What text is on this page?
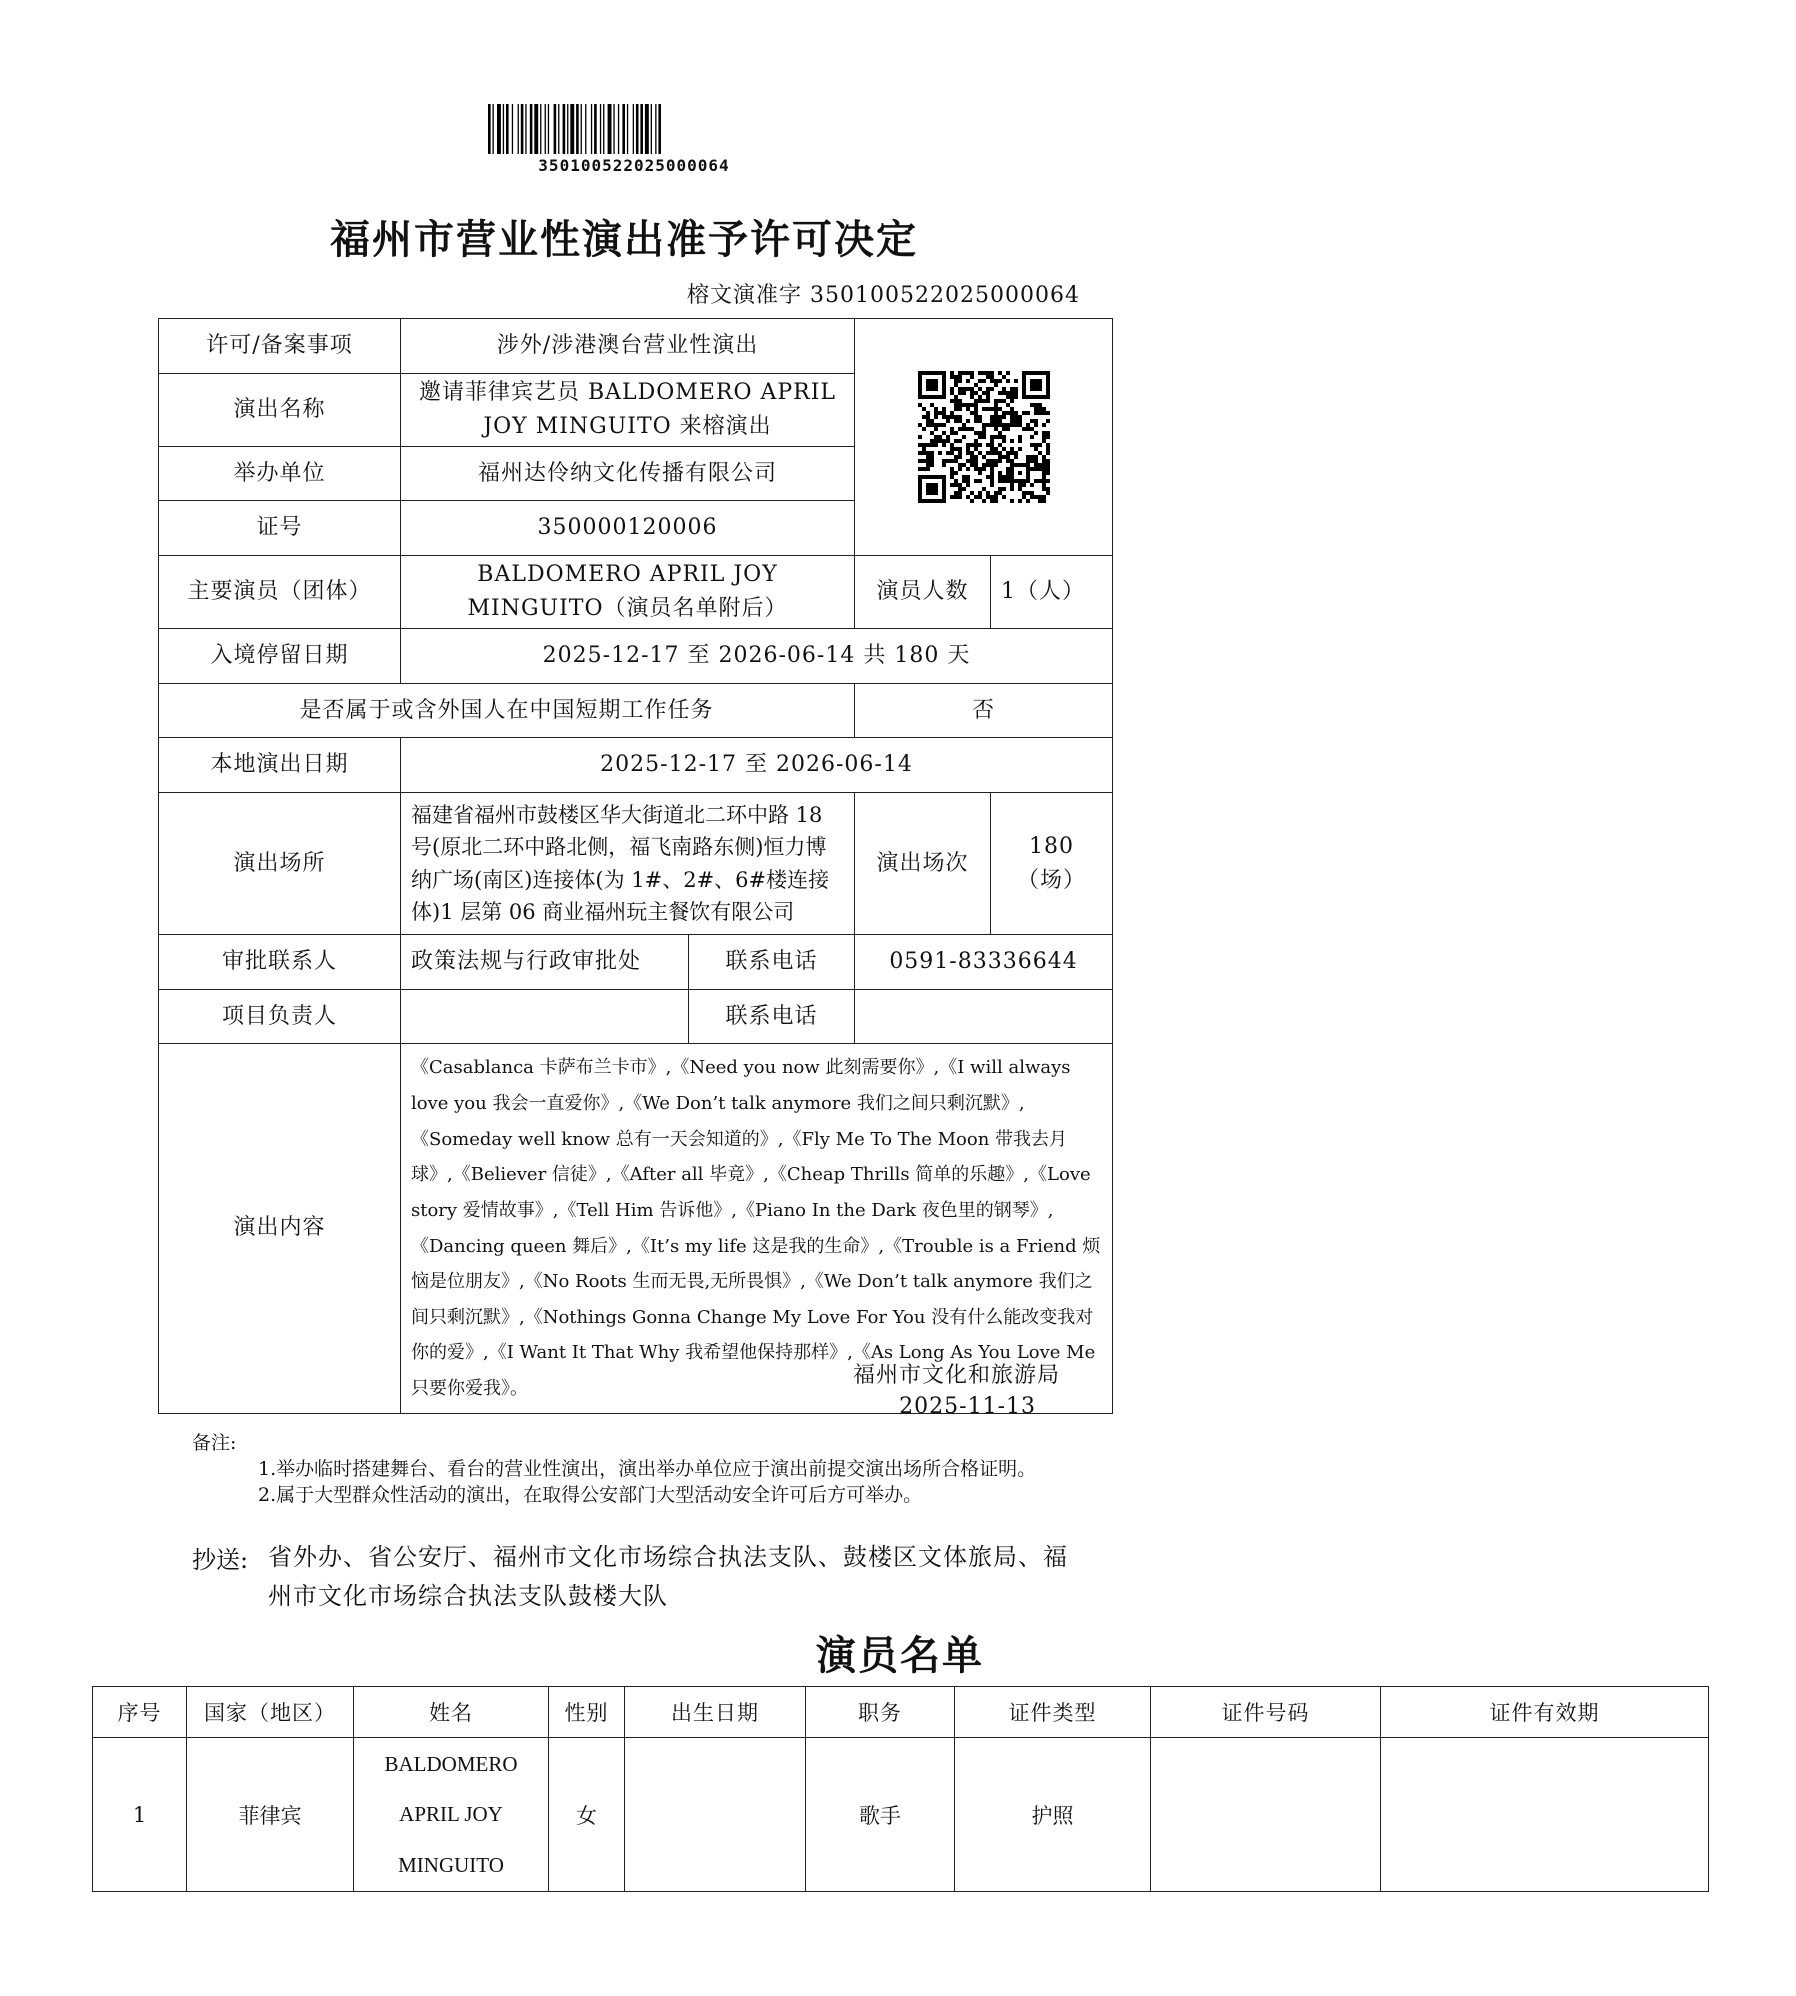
350100522025000064
福州市营业性演出准予许可决定
榕文演准字 350100522025000064
许可/备案事项	涉外/涉港澳台营业性演出	

演出名称	邀请菲律宾艺员 BALDOMERO APRIL JOY MINGUITO 来榕演出			
举办单位	福州达伶纳文化传播有限公司			
证号	350000120006			
主要演员（团体）	BALDOMERO APRIL JOY MINGUITO（演员名单附后）		演员人数	1（人）
入境停留日期	2025-12-17 至 2026-06-14 共 180 天			
是否属于或含外国人在中国短期工作任务			否	
本地演出日期	2025-12-17 至 2026-06-14			
演出场所	福建省福州市鼓楼区华大街道北二环中路 18 号(原北二环中路北侧，福飞南路东侧)恒力博纳广场(南区)连接体(为 1#、2#、6#楼连接体)1 层第 06 商业福州玩主餐饮有限公司		演出场次	180（场）
审批联系人	政策法规与行政审批处	联系电话	0591-83336644	
项目负责人		联系电话		
演出内容	《Casablanca 卡萨布兰卡市》,《Need you now 此刻需要你》,《I will always love you 我会一直爱你》,《We Don’t talk anymore 我们之间只剩沉默》,《Someday well know 总有一天会知道的》,《Fly Me To The Moon 带我去月球》,《Believer 信徒》,《After all 毕竟》,《Cheap Thrills 简单的乐趣》,《Love story 爱情故事》,《Tell Him 告诉他》,《Piano In the Dark 夜色里的钢琴》,《Dancing queen 舞后》,《It’s my life 这是我的生命》,《Trouble is a Friend 烦恼是位朋友》,《No Roots 生而无畏,无所畏惧》,《We Don’t talk anymore 我们之间只剩沉默》,《Nothings Gonna Change My Love For You 没有什么能改变我对你的爱》,《I Want It That Why 我希望他保持那样》,《As Long As You Love Me 只要你爱我》。			
福州市文化和旅游局
2025-11-13
备注:
1.举办临时搭建舞台、看台的营业性演出，演出举办单位应于演出前提交演出场所合格证明。
2.属于大型群众性活动的演出，在取得公安部门大型活动安全许可后方可举办。
抄送: 省外办、省公安厅、福州市文化市场综合执法支队、鼓楼区文体旅局、福
州市文化市场综合执法支队鼓楼大队
演员名单
序号	国家（地区）	姓名	性别	出生日期	职务	证件类型	证件号码	证件有效期
1	菲律宾	BALDOMERO
APRIL JOY
MINGUITO	女		歌手	护照		
